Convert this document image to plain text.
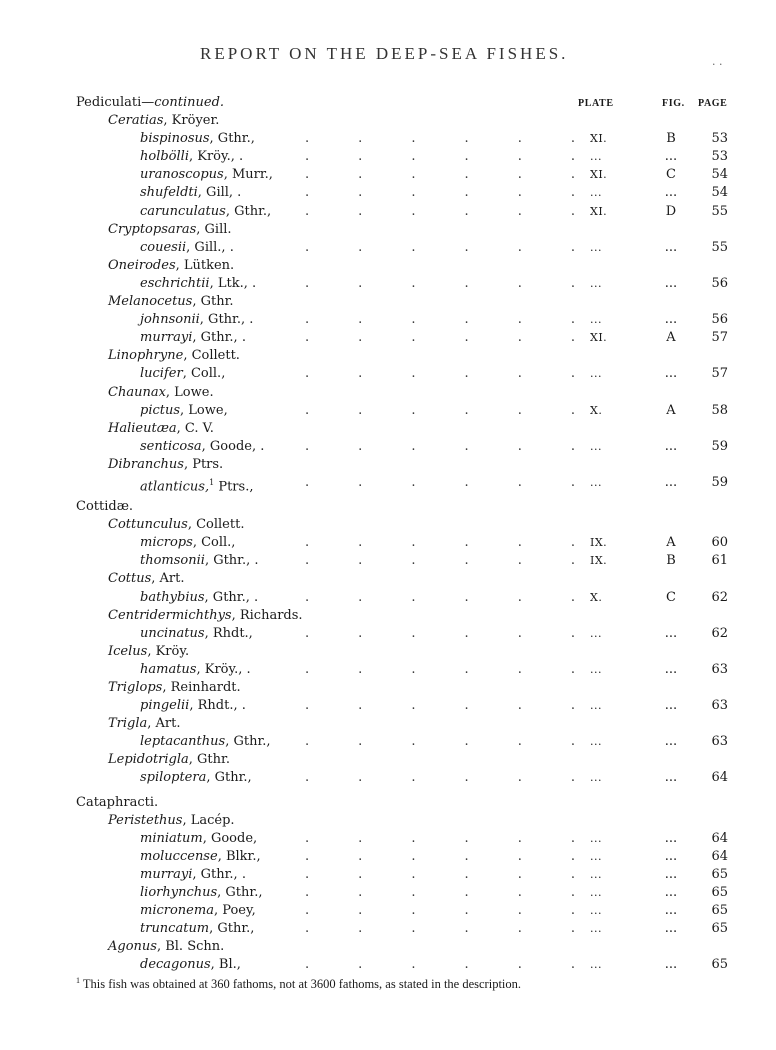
REPORT ON THE DEEP-SEA FISHES.
· ·
PLATE	FIG. PAGE
Pediculati—continued.
Ceratias, Kröyer.
bispinosus, Gthr.,	.	.	.	.	.	. XI.	B	53
holbölli, Kröy., .	.	.	.	.	.	. ...	...	53
uranoscopus, Murr., .	.	.	.	.	. XI.	C	54
shufeldti, Gill, .	.	.	.	.	.	. ...	...	54
carunculatus, Gthr.,	.	.	.	.	.	. XI.	D	55
Cryptopsaras, Gill.
couesii, Gill., .	.	.	.	.	.	. ...	...	55
Oneirodes, Lütken.
eschrichtii, Ltk., .	.	.	.	.	.	. ...	...	56
Melanocetus, Gthr.
johnsonii, Gthr., .	.	.	.	.	.	. ...	...	56
murrayi, Gthr., .	.	.	.	.	.	. XI.	A	57
Linophryne, Collett.
lucifer, Coll.,	.	.	.	.	.	. ...	...	57
Chaunax, Lowe.
pictus, Lowe,	.	.	.	.	.	. X.	A	58
Halieutæa, C. V.
senticosa, Goode, .	.	.	.	.	.	. ...	...	59
Dibranchus, Ptrs.
atlanticus,$^1$ Ptrs.,	.	.	.	.	.	. ...	...	59
Cottidæ.
Cottunculus, Collett.
microps, Coll.,	.	.	.	.	.	. IX.	A	60
thomsonii, Gthr., .	.	.	.	.	.	. IX.	B	61
Cottus, Art.
bathybius, Gthr., .	.	.	.	.	.	. X.	C	62
Centridermichthys, Richards.
uncinatus, Rhdt.,	.	.	.	.	.	. ...	...	62
Icelus, Kröy.
hamatus, Kröy., .	.	.	.	.	.	. ...	...	63
Triglops, Reinhardt.
pingelii, Rhdt., .	.	.	.	.	.	. ...	...	63
Trigla, Art.
leptacanthus, Gthr.,	.	.	.	.	.	. ...	...	63
Lepidotrigla, Gthr.
spiloptera, Gthr.,	.	.	.	.	.	. ...	...	64
Cataphracti.
Peristethus, Lacép.
miniatum, Goode,	.	.	.	.	.	. ...	...	64
moluccense, Blkr.,	.	.	.	.	.	. ...	...	64
murrayi, Gthr., .	.	.	.	.	.	. ...	...	65
liorhynchus, Gthr.,	.	.	.	.	.	. ...	...	65
micronema, Poey,	.	.	.	.	.	. ...	...	65
truncatum, Gthr.,	.	.	.	.	.	. ...	...	65
Agonus, Bl. Schn.
decagonus, Bl.,	.	.	.	.	.	. ...	...	65
$^1$ This fish was obtained at 360 fathoms, not at 3600 fathoms, as stated in the description.
